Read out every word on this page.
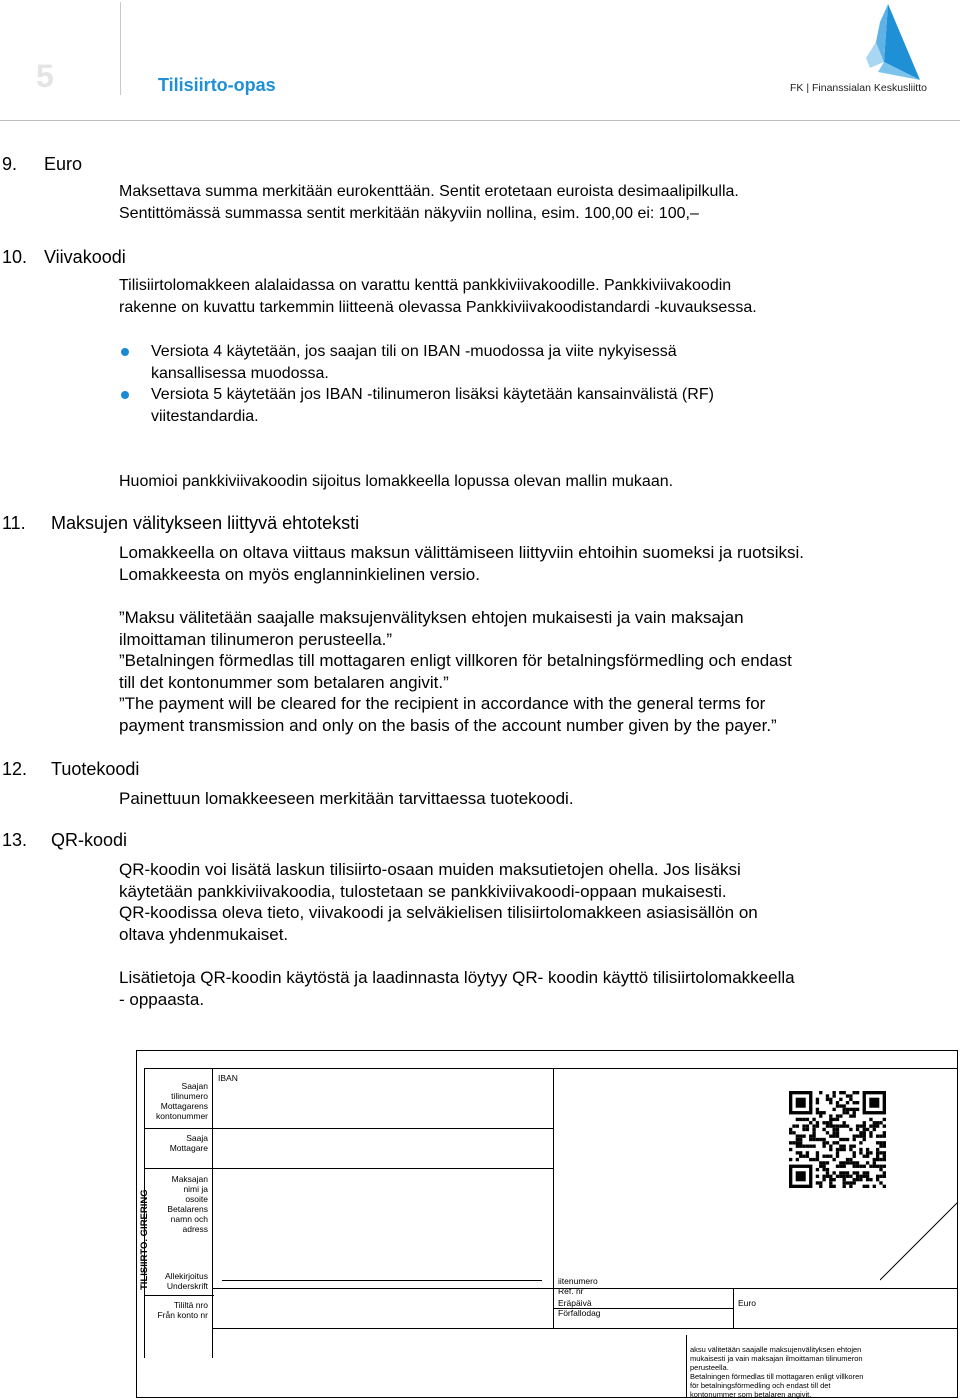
5	Tilisiirto-opas	FK | Finanssialan Keskusliitto
9. Euro
Maksettava summa merkitään eurokenttään. Sentit erotetaan euroista desimaalipilkulla.
Sentittömässä summassa sentit merkitään näkyviin nollina, esim. 100,00 ei: 100,–
10. Viivakoodi
Tilisiirtolomakkeen alalaidassa on varattu kenttä pankkiviivakoodille. Pankkiviivakoodin
rakenne on kuvattu tarkemmin liitteenä olevassa Pankkiviivakoodistandardi -kuvauksessa.
Versiota 4 käytetään, jos saajan tili on IBAN -muodossa ja viite nykyisessä
kansallisessa muodossa.
Versiota 5 käytetään jos IBAN -tilinumeron lisäksi käytetään kansainvälistä (RF)
viitestandardia.
Huomioi pankkiviivakoodin sijoitus lomakkeella lopussa olevan mallin mukaan.
11. Maksujen välitykseen liittyvä ehtoteksti
Lomakkeella on oltava viittaus maksun välittämiseen liittyviin ehtoihin suomeksi ja ruotsiksi.
Lomakkeesta on myös englanninkielinen versio.
”Maksu välitetään saajalle maksujenvälityksen ehtojen mukaisesti ja vain maksajan
ilmoittaman tilinumeron perusteella.”
”Betalningen förmedlas till mottagaren enligt villkoren för betalningsförmedling och endast
till det kontonummer som betalaren angivit.”
”The payment will be cleared for the recipient in accordance with the general terms for
payment transmission and only on the basis of the account number given by the payer.”
12. Tuotekoodi
Painettuun lomakkeeseen merkitään tarvittaessa tuotekoodi.
13. QR-koodi
QR-koodin voi lisätä laskun tilisiirto-osaan muiden maksutietojen ohella. Jos lisäksi
käytetään pankkiviivakoodia, tulostetaan se pankkiviivakoodi-oppaan mukaisesti.
QR-koodissa oleva tieto, viivakoodi ja selväkielisen tilisiirtolomakkeen asiasisällön on
oltava yhdenmukaiset.
Lisätietoja QR-koodin käytöstä ja laadinnasta löytyy QR- koodin käyttö tilisiirtolomakkeella
- oppaasta.
TILISIIRTO. GIRERING
Saajan
tilinumero
Mottagarens
kontonummer
IBAN
Saaja
Mottagare
Maksajan
nimi ja
osoite
Betalarens
namn och
adress
Allekirjoitus
Underskrift
Tililtä nro
Från konto nr
iitenumero
Ref. nr
Eräpäivä
Förfallodag
Euro
aksu välitetään saajalle maksujenvälityksen ehtojen
mukaisesti ja vain maksajan ilmoittaman tilinumeron
perusteella.
Betalningen förmedlas till mottagaren enligt villkoren
för betalningsförmedling och endast till det
kontonummer som betalaren angivit.
